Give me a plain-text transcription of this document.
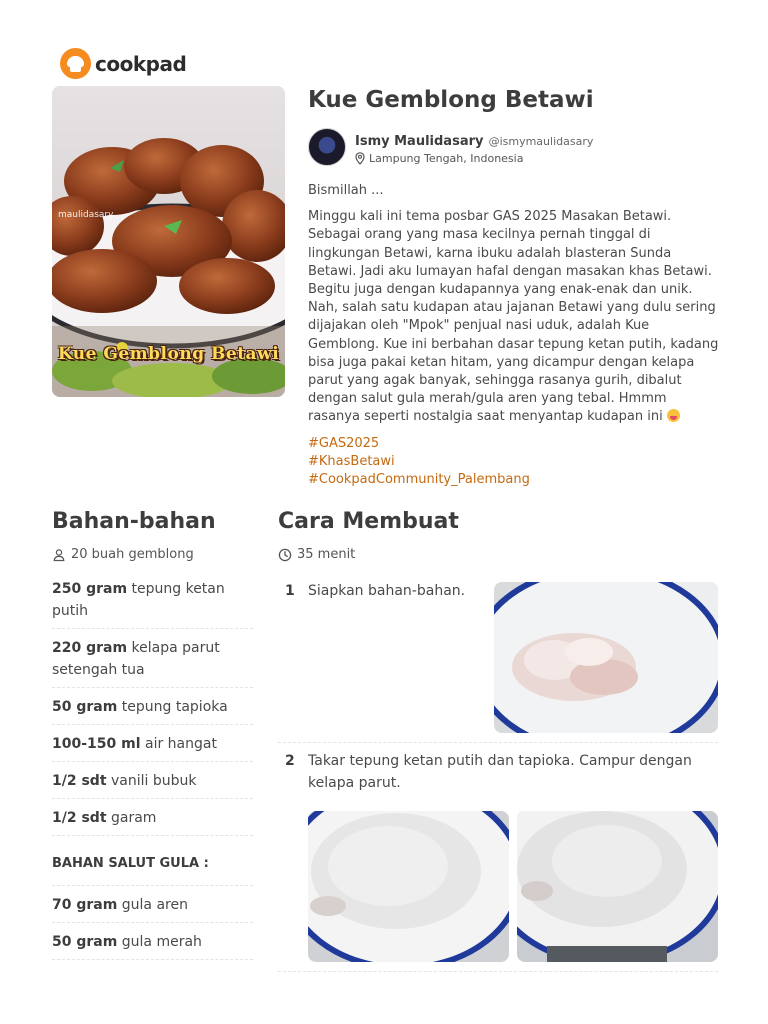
cookpad
maulidasary
Kue Gemblong Betawi
Kue Gemblong Betawi
Ismy Maulidasary @ismymaulidasary
Lampung Tengah, Indonesia

Bismillah ...

Minggu kali ini tema posbar GAS 2025 Masakan Betawi. Sebagai orang yang masa kecilnya pernah tinggal di lingkungan Betawi, karna ibuku adalah blasteran Sunda Betawi. Jadi aku lumayan hafal dengan masakan khas Betawi. Begitu juga dengan kudapannya yang enak-enak dan unik. Nah, salah satu kudapan atau jajanan Betawi yang dulu sering dijajakan oleh "Mpok" penjual nasi uduk, adalah Kue Gemblong. Kue ini berbahan dasar tepung ketan putih, kadang bisa juga pakai ketan hitam, yang dicampur dengan kelapa parut yang agak banyak, sehingga rasanya gurih, dibalut dengan salut gula merah/gula aren yang tebal. Hmmm rasanya seperti nostalgia saat menyantap kudapan ini

#GAS2025
#KhasBetawi
#CookpadCommunity_Palembang
Bahan-bahan
20 buah gemblong
250 gram tepung ketan putih
220 gram kelapa parut setengah tua
50 gram tepung tapioka
100-150 ml air hangat
1/2 sdt vanili bubuk
1/2 sdt garam
BAHAN SALUT GULA :
70 gram gula aren
50 gram gula merah
Cara Membuat
35 menit
1 Siapkan bahan-bahan.
2 Takar tepung ketan putih dan tapioka. Campur dengan kelapa parut.
